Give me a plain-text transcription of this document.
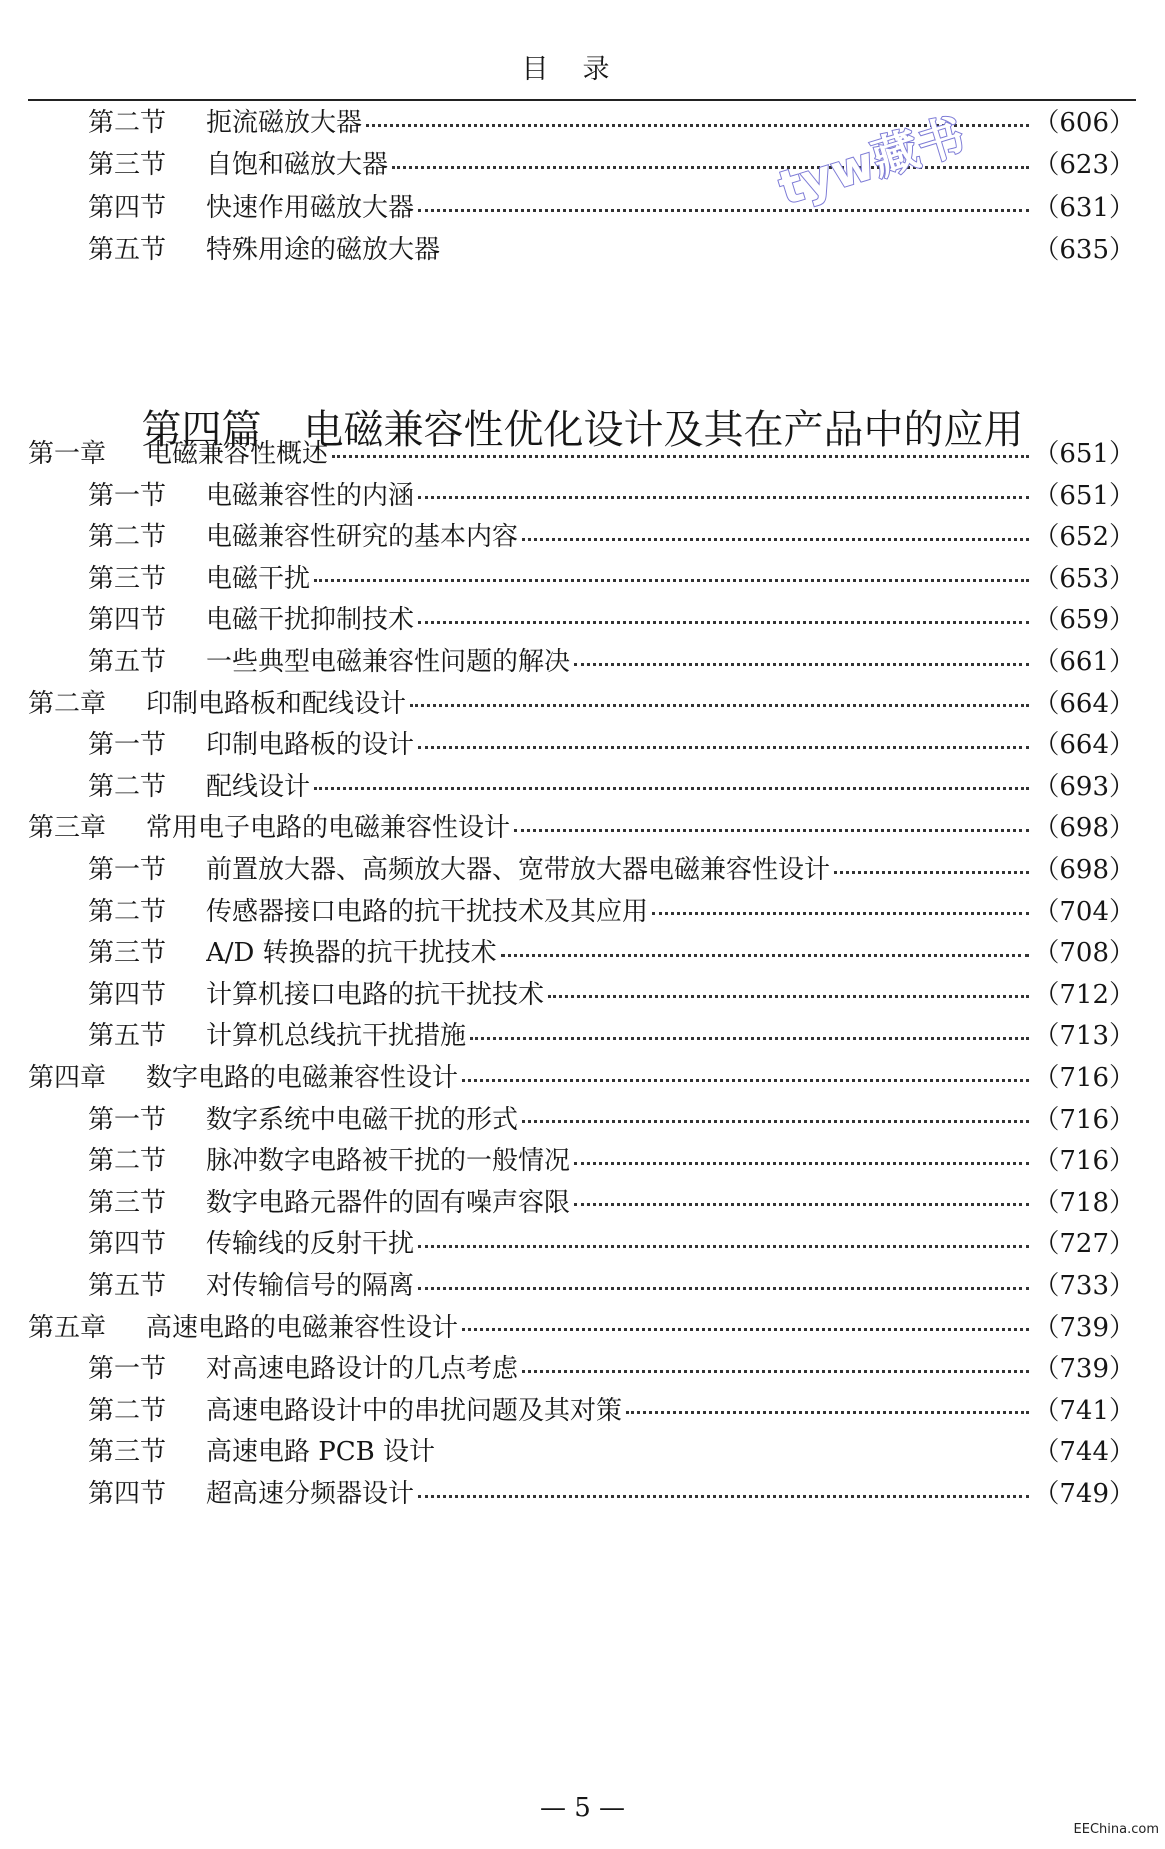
目录
第二节	扼流磁放大器	（606）
第三节	自饱和磁放大器	（623）
第四节	快速作用磁放大器	（631）
第五节	特殊用途的磁放大器	（635）
第一章	电磁兼容性概述	（651）
第一节	电磁兼容性的内涵	（651）
第二节	电磁兼容性研究的基本内容	（652）
第三节	电磁干扰	（653）
第四节	电磁干扰抑制技术	（659）
第五节	一些典型电磁兼容性问题的解决	（661）
第二章	印制电路板和配线设计	（664）
第一节	印制电路板的设计	（664）
第二节	配线设计	（693）
第三章	常用电子电路的电磁兼容性设计	（698）
第一节	前置放大器、高频放大器、宽带放大器电磁兼容性设计	（698）
第二节	传感器接口电路的抗干扰技术及其应用	（704）
第三节	A/D 转换器的抗干扰技术	（708）
第四节	计算机接口电路的抗干扰技术	（712）
第五节	计算机总线抗干扰措施	（713）
第四章	数字电路的电磁兼容性设计	（716）
第一节	数字系统中电磁干扰的形式	（716）
第二节	脉冲数字电路被干扰的一般情况	（716）
第三节	数字电路元器件的固有噪声容限	（718）
第四节	传输线的反射干扰	（727）
第五节	对传输信号的隔离	（733）
第五章	高速电路的电磁兼容性设计	（739）
第一节	对高速电路设计的几点考虑	（739）
第二节	高速电路设计中的串扰问题及其对策	（741）
第三节	高速电路 PCB 设计	（744）
第四节	超高速分频器设计	（749）
第四篇 电磁兼容性优化设计及其在产品中的应用
tyw藏书
— 5 —
EEChina.com
